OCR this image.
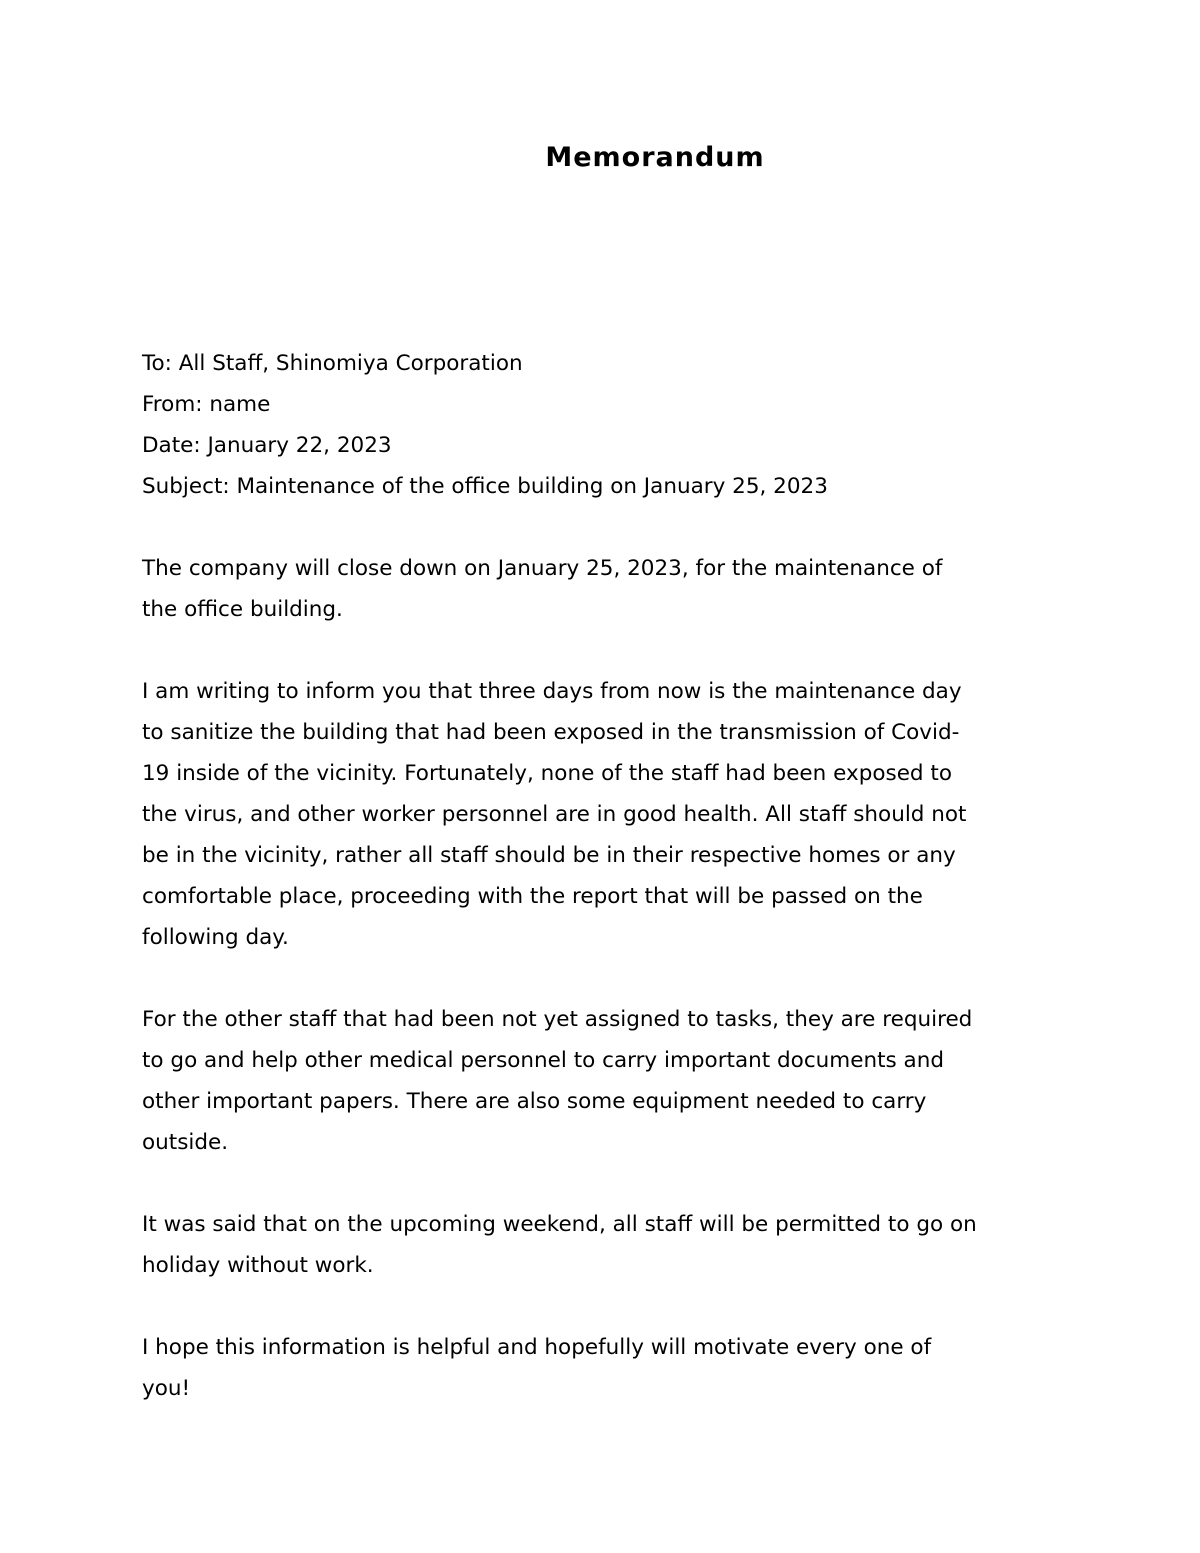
Memorandum
To: All Staff, Shinomiya Corporation
From: name
Date: January 22, 2023
Subject: Maintenance of the office building on January 25, 2023

The company will close down on January 25, 2023, for the maintenance of
the office building.

I am writing to inform you that three days from now is the maintenance day
to sanitize the building that had been exposed in the transmission of Covid-
19 inside of the vicinity. Fortunately, none of the staff had been exposed to
the virus, and other worker personnel are in good health. All staff should not
be in the vicinity, rather all staff should be in their respective homes or any
comfortable place, proceeding with the report that will be passed on the
following day.

For the other staff that had been not yet assigned to tasks, they are required
to go and help other medical personnel to carry important documents and
other important papers. There are also some equipment needed to carry
outside.

It was said that on the upcoming weekend, all staff will be permitted to go on
holiday without work.

I hope this information is helpful and hopefully will motivate every one of
you!
